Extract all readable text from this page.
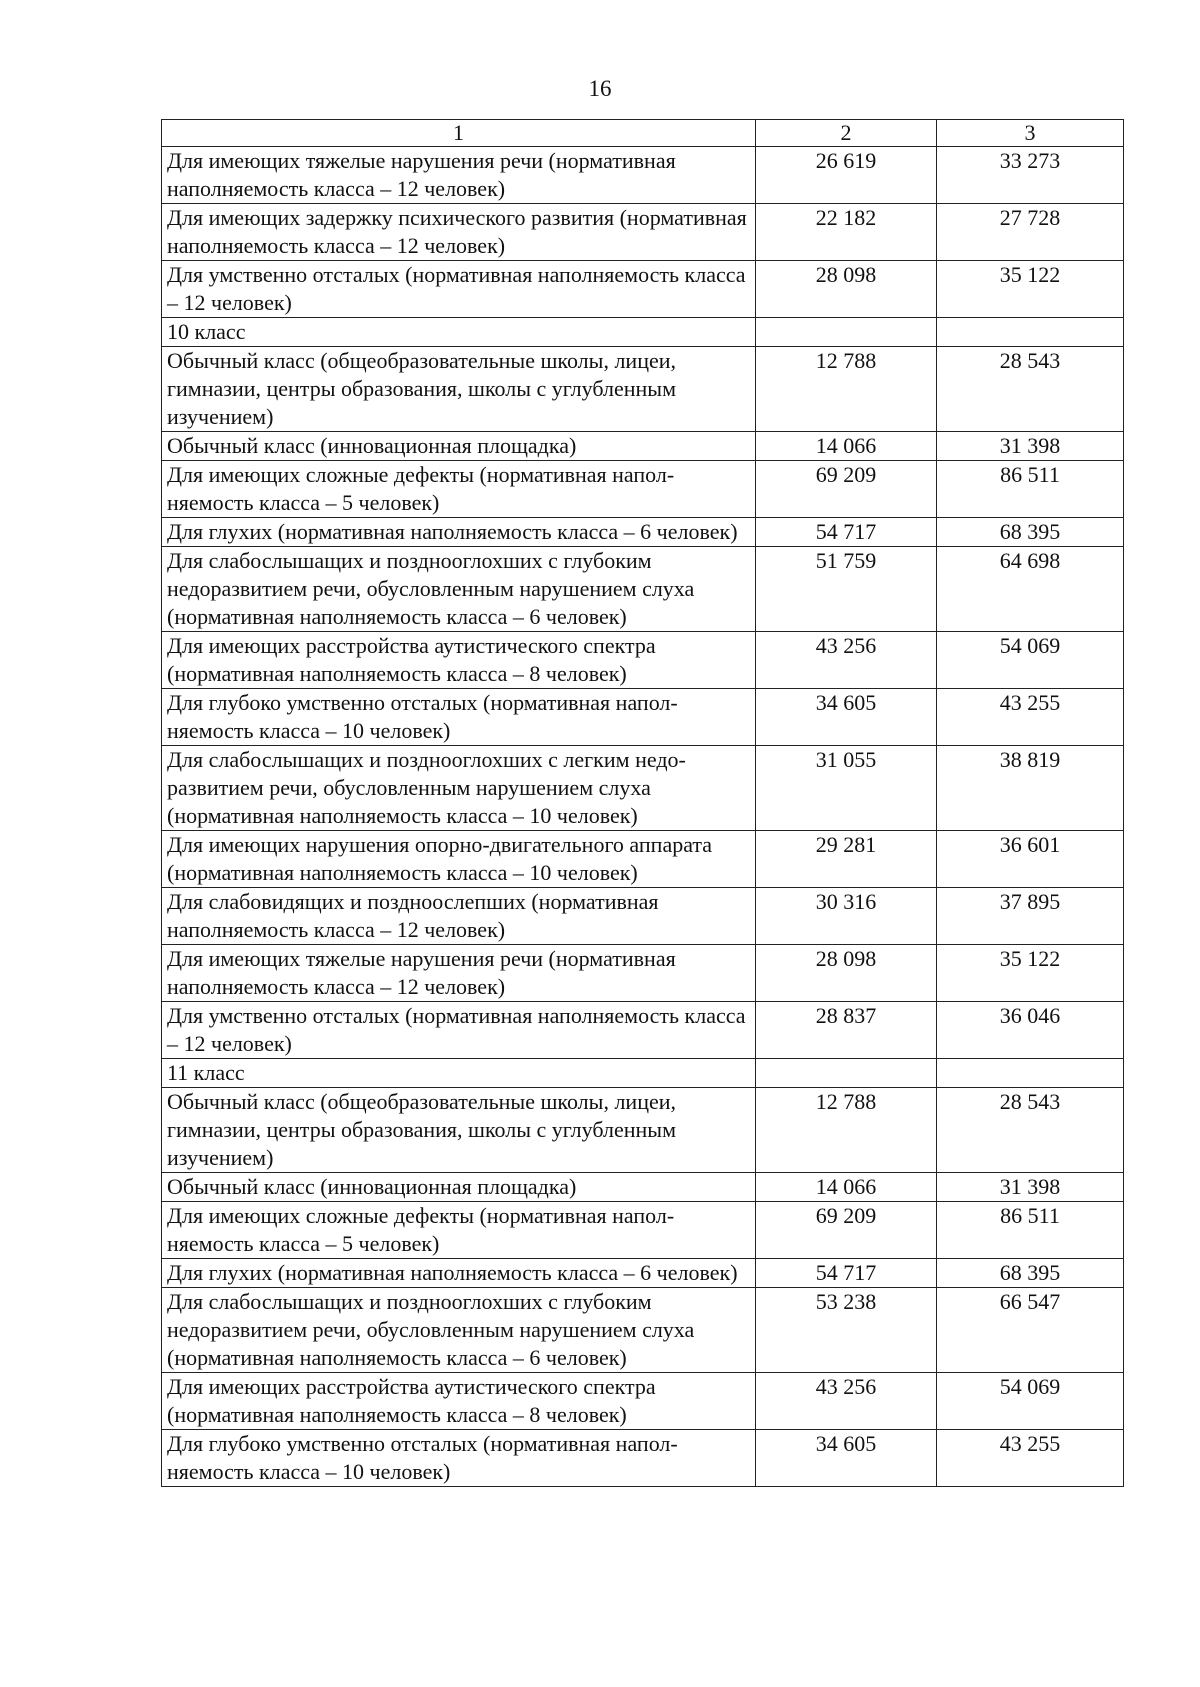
16
1	2	3
Для имеющих тяжелые нарушения речи (нормативная наполняемость класса – 12 человек)	26 619	33 273
Для имеющих задержку психического развития (нормативная наполняемость класса – 12 человек)	22 182	27 728
Для умственно отсталых (нормативная наполняемость класса – 12 человек)	28 098	35 122
10 класс		
Обычный класс (общеобразовательные школы, лицеи, гимназии, центры образования, школы с углубленным изучением)	12 788	28 543
Обычный класс (инновационная площадка)	14 066	31 398
Для имеющих сложные дефекты (нормативная напол-няемость класса – 5 человек)	69 209	86 511
Для глухих (нормативная наполняемость класса – 6 человек)	54 717	68 395
Для слабослышащих и позднооглохших с глубоким недоразвитием речи, обусловленным нарушением слуха (нормативная наполняемость класса – 6 человек)	51 759	64 698
Для имеющих расстройства аутистического спектра (нормативная наполняемость класса – 8 человек)	43 256	54 069
Для глубоко умственно отсталых (нормативная напол-няемость класса – 10 человек)	34 605	43 255
Для слабослышащих и позднооглохших с легким недо-развитием речи, обусловленным нарушением слуха (нормативная наполняемость класса – 10 человек)	31 055	38 819
Для имеющих нарушения опорно-двигательного аппарата (нормативная наполняемость класса – 10 человек)	29 281	36 601
Для слабовидящих и позднoослепших (нормативная наполняемость класса – 12 человек)	30 316	37 895
Для имеющих тяжелые нарушения речи (нормативная наполняемость класса – 12 человек)	28 098	35 122
Для умственно отсталых (нормативная наполняемость класса – 12 человек)	28 837	36 046
11 класс		
Обычный класс (общеобразовательные школы, лицеи, гимназии, центры образования, школы с углубленным изучением)	12 788	28 543
Обычный класс (инновационная площадка)	14 066	31 398
Для имеющих сложные дефекты (нормативная напол-няемость класса – 5 человек)	69 209	86 511
Для глухих (нормативная наполняемость класса – 6 человек)	54 717	68 395
Для слабослышащих и позднооглохших с глубоким недоразвитием речи, обусловленным нарушением слуха (нормативная наполняемость класса – 6 человек)	53 238	66 547
Для имеющих расстройства аутистического спектра (нормативная наполняемость класса – 8 человек)	43 256	54 069
Для глубоко умственно отсталых (нормативная напол-няемость класса – 10 человек)	34 605	43 255
